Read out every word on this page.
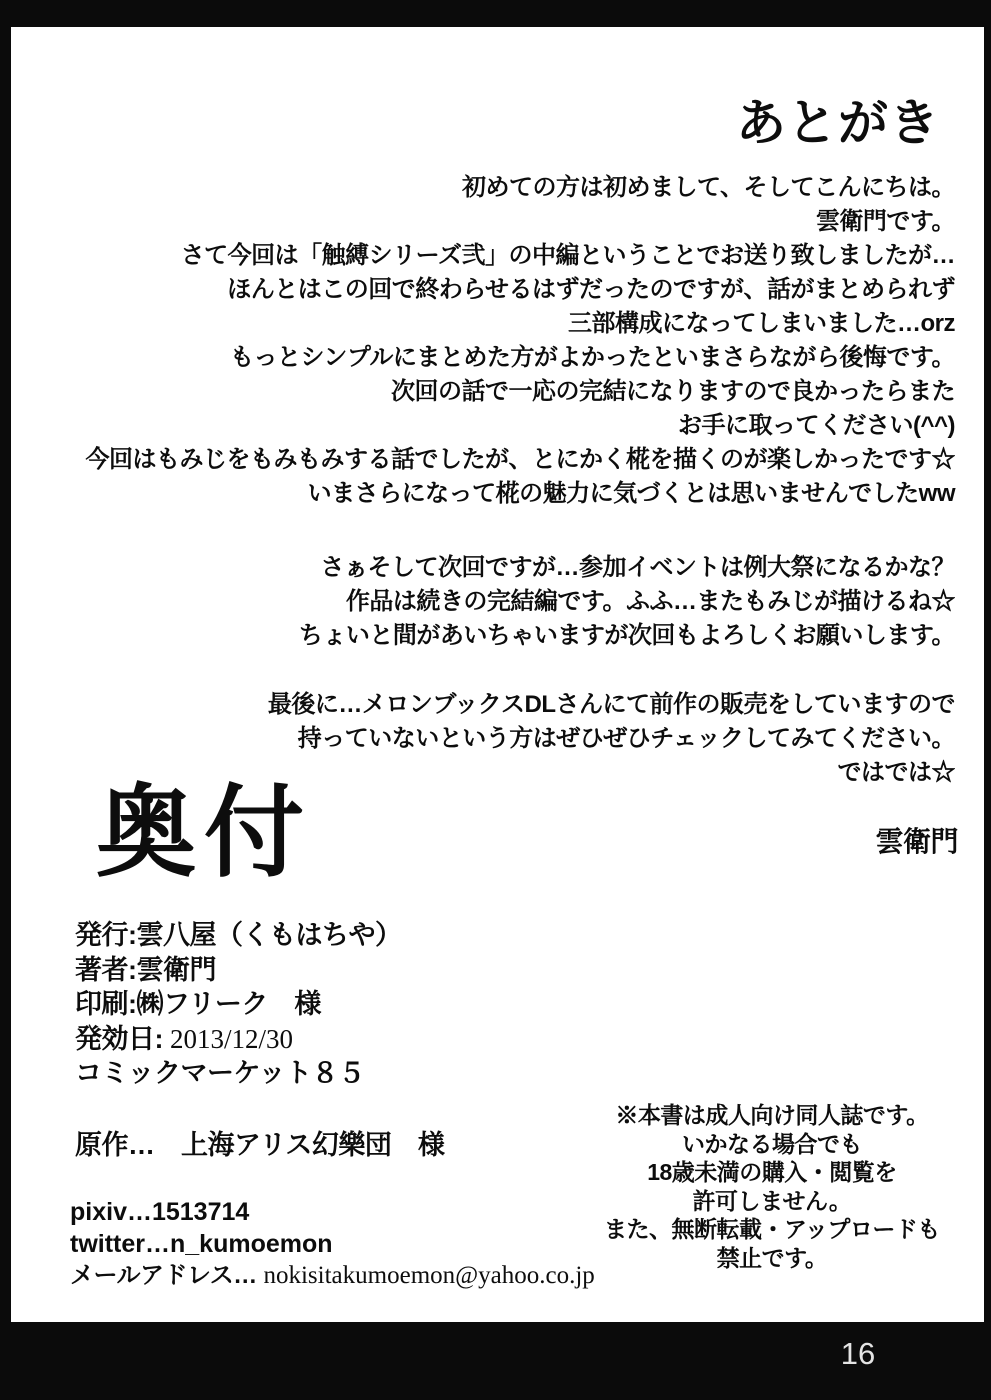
あとがき
初めての方は初めまして、そしてこんにちは。
雲衛門です。
さて今回は「触縛シリーズ弐」の中編ということでお送り致しましたが…
ほんとはこの回で終わらせるはずだったのですが、話がまとめられず
三部構成になってしまいました…orz
もっとシンプルにまとめた方がよかったといまさらながら後悔です。
次回の話で一応の完結になりますので良かったらまた
お手に取ってください(^^)
今回はもみじをもみもみする話でしたが、とにかく椛を描くのが楽しかったです☆
いまさらになって椛の魅力に気づくとは思いませんでしたww
さぁそして次回ですが…参加イベントは例大祭になるかな？
作品は続きの完結編です。ふふ…またもみじが描けるね☆
ちょいと間があいちゃいますが次回もよろしくお願いします。
最後に…メロンブックスDLさんにて前作の販売をしていますので
持っていないという方はぜひぜひチェックしてみてください。
ではでは☆
雲衛門
奥付
発行:雲八屋（くもはちや）
著者:雲衛門
印刷:㈱フリーク　様
発効日: 2013/12/30
コミックマーケット８５
原作…　上海アリス幻樂団　様
pixiv…1513714
twitter…n_kumoemon
メールアドレス… nokisitakumoemon@yahoo.co.jp
※本書は成人向け同人誌です。
いかなる場合でも
18歳未満の購入・閲覧を
許可しません。
また、無断転載・アップロードも
禁止です。
16
